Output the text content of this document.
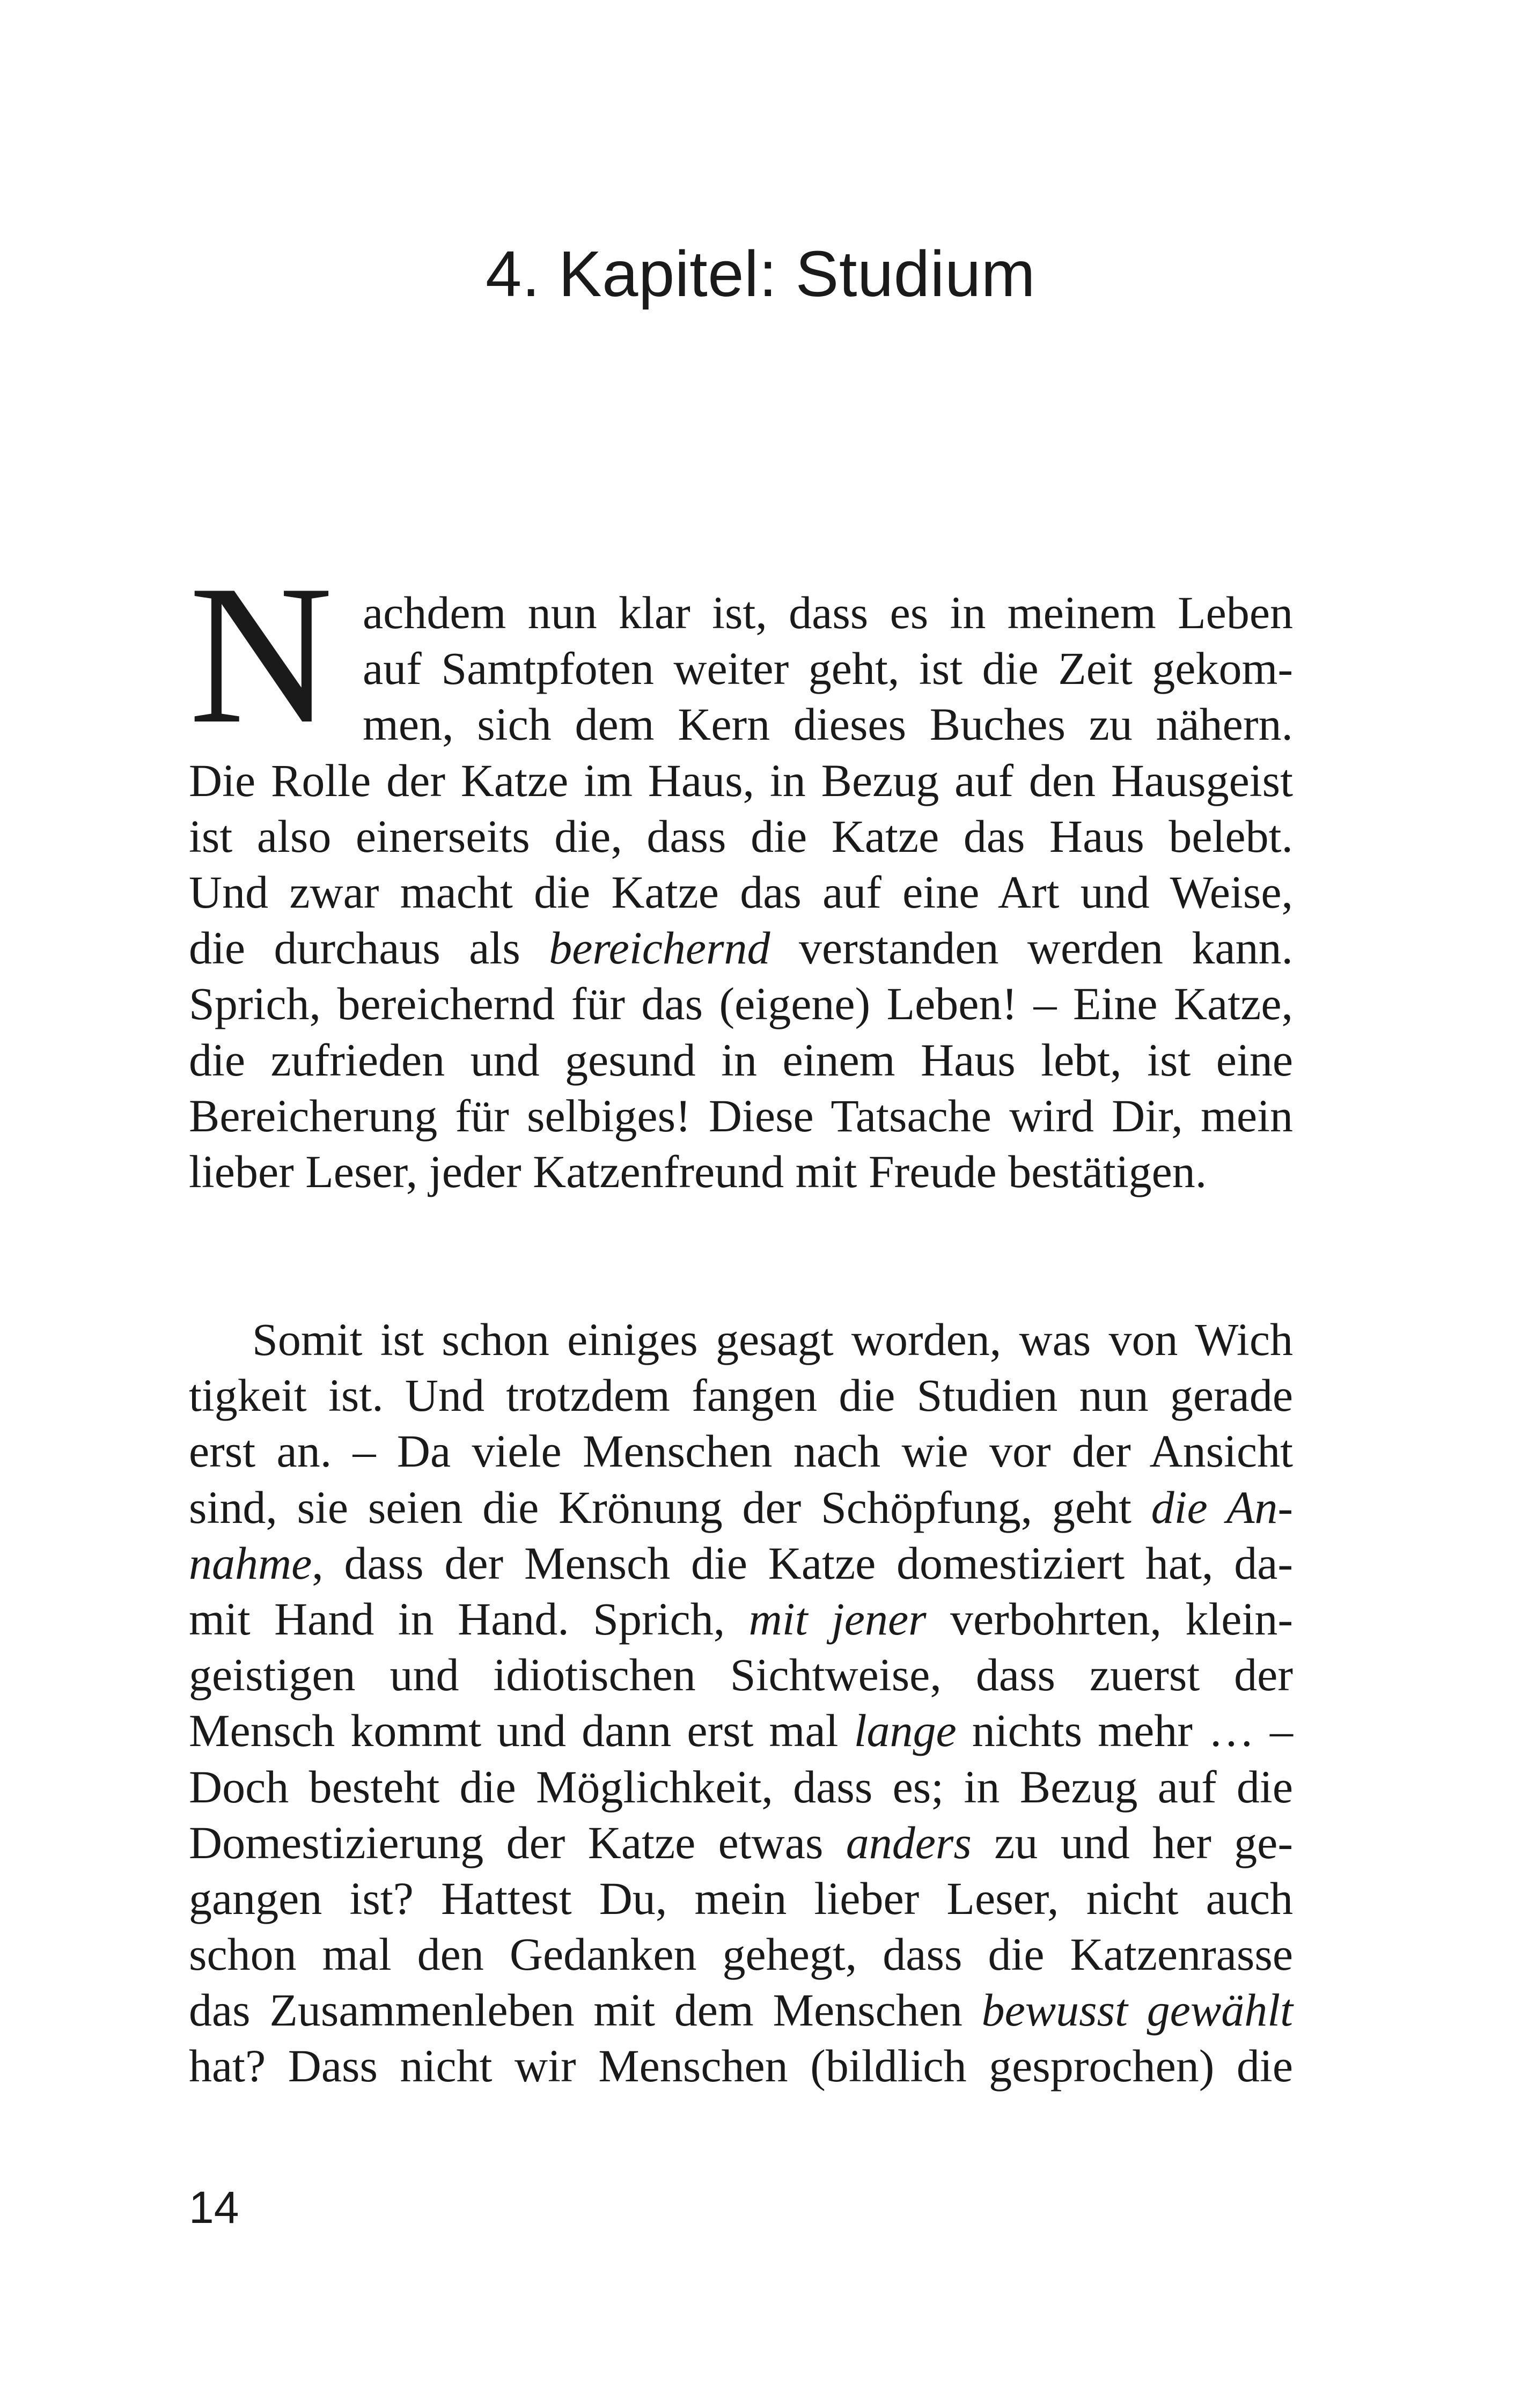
4. Kapitel: Studium
N achdem nun klar ist, dass es in meinem Leben
auf Samtpfoten weiter geht, ist die Zeit gekom-
men, sich dem Kern dieses Buches zu nähern.
Die Rolle der Katze im Haus, in Bezug auf den Hausgeist
ist also einerseits die, dass die Katze das Haus belebt.
Und zwar macht die Katze das auf eine Art und Weise,
die durchaus als bereichernd verstanden werden kann.
Sprich, bereichernd für das (eigene) Leben! – Eine Katze,
die zufrieden und gesund in einem Haus lebt, ist eine
Bereicherung für selbiges! Diese Tatsache wird Dir, mein
lieber Leser, jeder Katzenfreund mit Freude bestätigen.
Somit ist schon einiges gesagt worden, was von Wich
tigkeit ist. Und trotzdem fangen die Studien nun gerade
erst an. – Da viele Menschen nach wie vor der Ansicht
sind, sie seien die Krönung der Schöpfung, geht die An-
nahme, dass der Mensch die Katze domestiziert hat, da-
mit Hand in Hand. Sprich, mit jener verbohrten, klein-
geistigen und idiotischen Sichtweise, dass zuerst der
Mensch kommt und dann erst mal lange nichts mehr … –
Doch besteht die Möglichkeit, dass es; in Bezug auf die
Domestizierung der Katze etwas anders zu und her ge-
gangen ist? Hattest Du, mein lieber Leser, nicht auch
schon mal den Gedanken gehegt, dass die Katzenrasse
das Zusammenleben mit dem Menschen bewusst gewählt
hat? Dass nicht wir Menschen (bildlich gesprochen) die

14
